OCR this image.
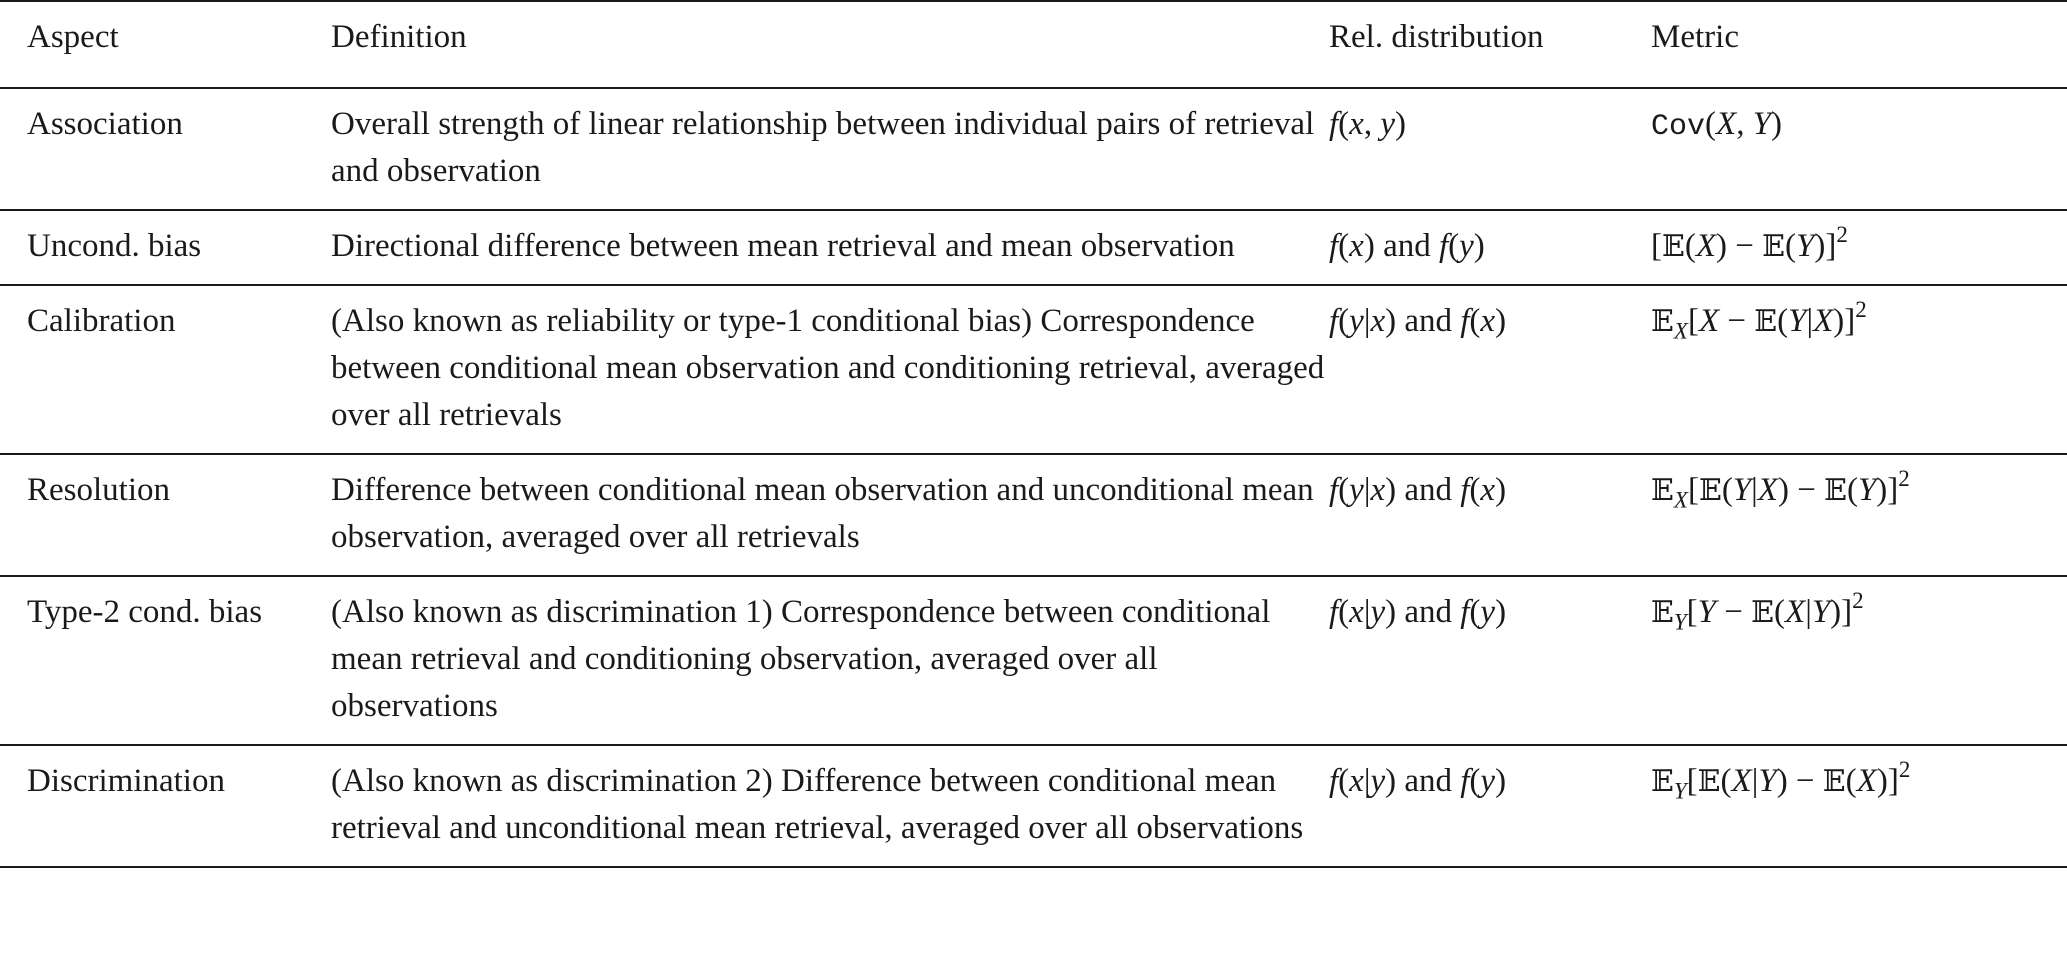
Aspect	Definition	Rel. distribution	Metric
Association	Overall strength of linear relationship between individual pairs of retrieval and observation	f(x, y)	Cov(X, Y)
Uncond. bias	Directional difference between mean retrieval and mean observation	f(x) and f(y)	[𝔼(X) − 𝔼(Y)]$^2$
Calibration	(Also known as reliability or type-1 conditional bias) Correspondence between conditional mean observation and conditioning retrieval, averaged over all retrievals	f(y|x) and f(x)	𝔼$_X$[X − 𝔼(Y|X)]$^2$
Resolution	Difference between conditional mean observation and unconditional mean observation, averaged over all retrievals	f(y|x) and f(x)	𝔼$_X$[𝔼(Y|X) − 𝔼(Y)]$^2$
Type-2 cond. bias	(Also known as discrimination 1) Correspondence between conditional mean retrieval and conditioning observation, averaged over all observations	f(x|y) and f(y)	𝔼$_Y$[Y − 𝔼(X|Y)]$^2$
Discrimination	(Also known as discrimination 2) Difference between conditional mean retrieval and unconditional mean retrieval, averaged over all observations	f(x|y) and f(y)	𝔼$_Y$[𝔼(X|Y) − 𝔼(X)]$^2$
